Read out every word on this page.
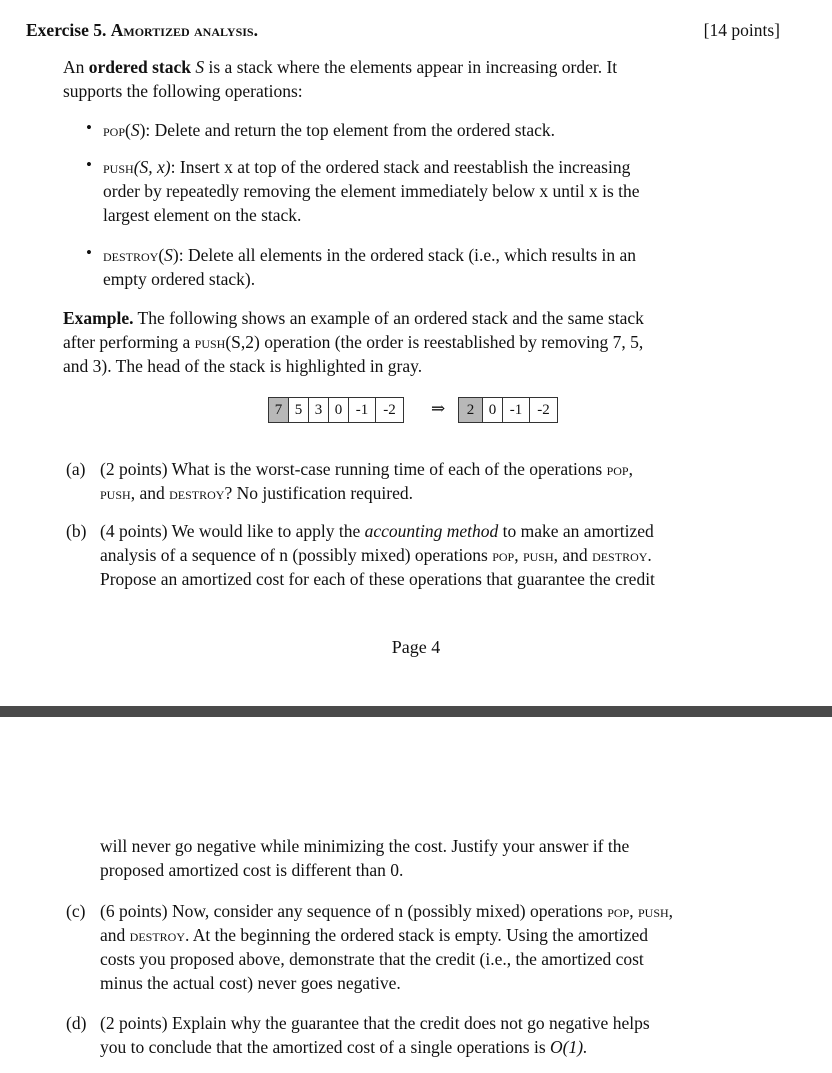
Exercise 5. Amortized analysis.	[14 points]
An ordered stack S is a stack where the elements appear in increasing order. It
supports the following operations:
• pop(S): Delete and return the top element from the ordered stack.
• push(S, x): Insert x at top of the ordered stack and reestablish the increasing
order by repeatedly removing the element immediately below x until x is the
largest element on the stack.
• destroy(S): Delete all elements in the ordered stack (i.e., which results in an
empty ordered stack).
Example. The following shows an example of an ordered stack and the same stack
after performing a push(S,2) operation (the order is reestablished by removing 7, 5,
and 3). The head of the stack is highlighted in gray.
7 5 3 0 -1	-2	⇒	2 0 -1	-2
(a) (2 points) What is the worst-case running time of each of the operations pop,
push, and destroy? No justification required.
(b) (4 points) We would like to apply the accounting method to make an amortized
analysis of a sequence of n (possibly mixed) operations pop, push, and destroy.
Propose an amortized cost for each of these operations that guarantee the credit
Page 4
will never go negative while minimizing the cost. Justify your answer if the
proposed amortized cost is different than 0.
(c) (6 points) Now, consider any sequence of n (possibly mixed) operations pop, push,
and destroy. At the beginning the ordered stack is empty. Using the amortized
costs you proposed above, demonstrate that the credit (i.e., the amortized cost
minus the actual cost) never goes negative.
(d) (2 points) Explain why the guarantee that the credit does not go negative helps
you to conclude that the amortized cost of a single operations is O(1).
